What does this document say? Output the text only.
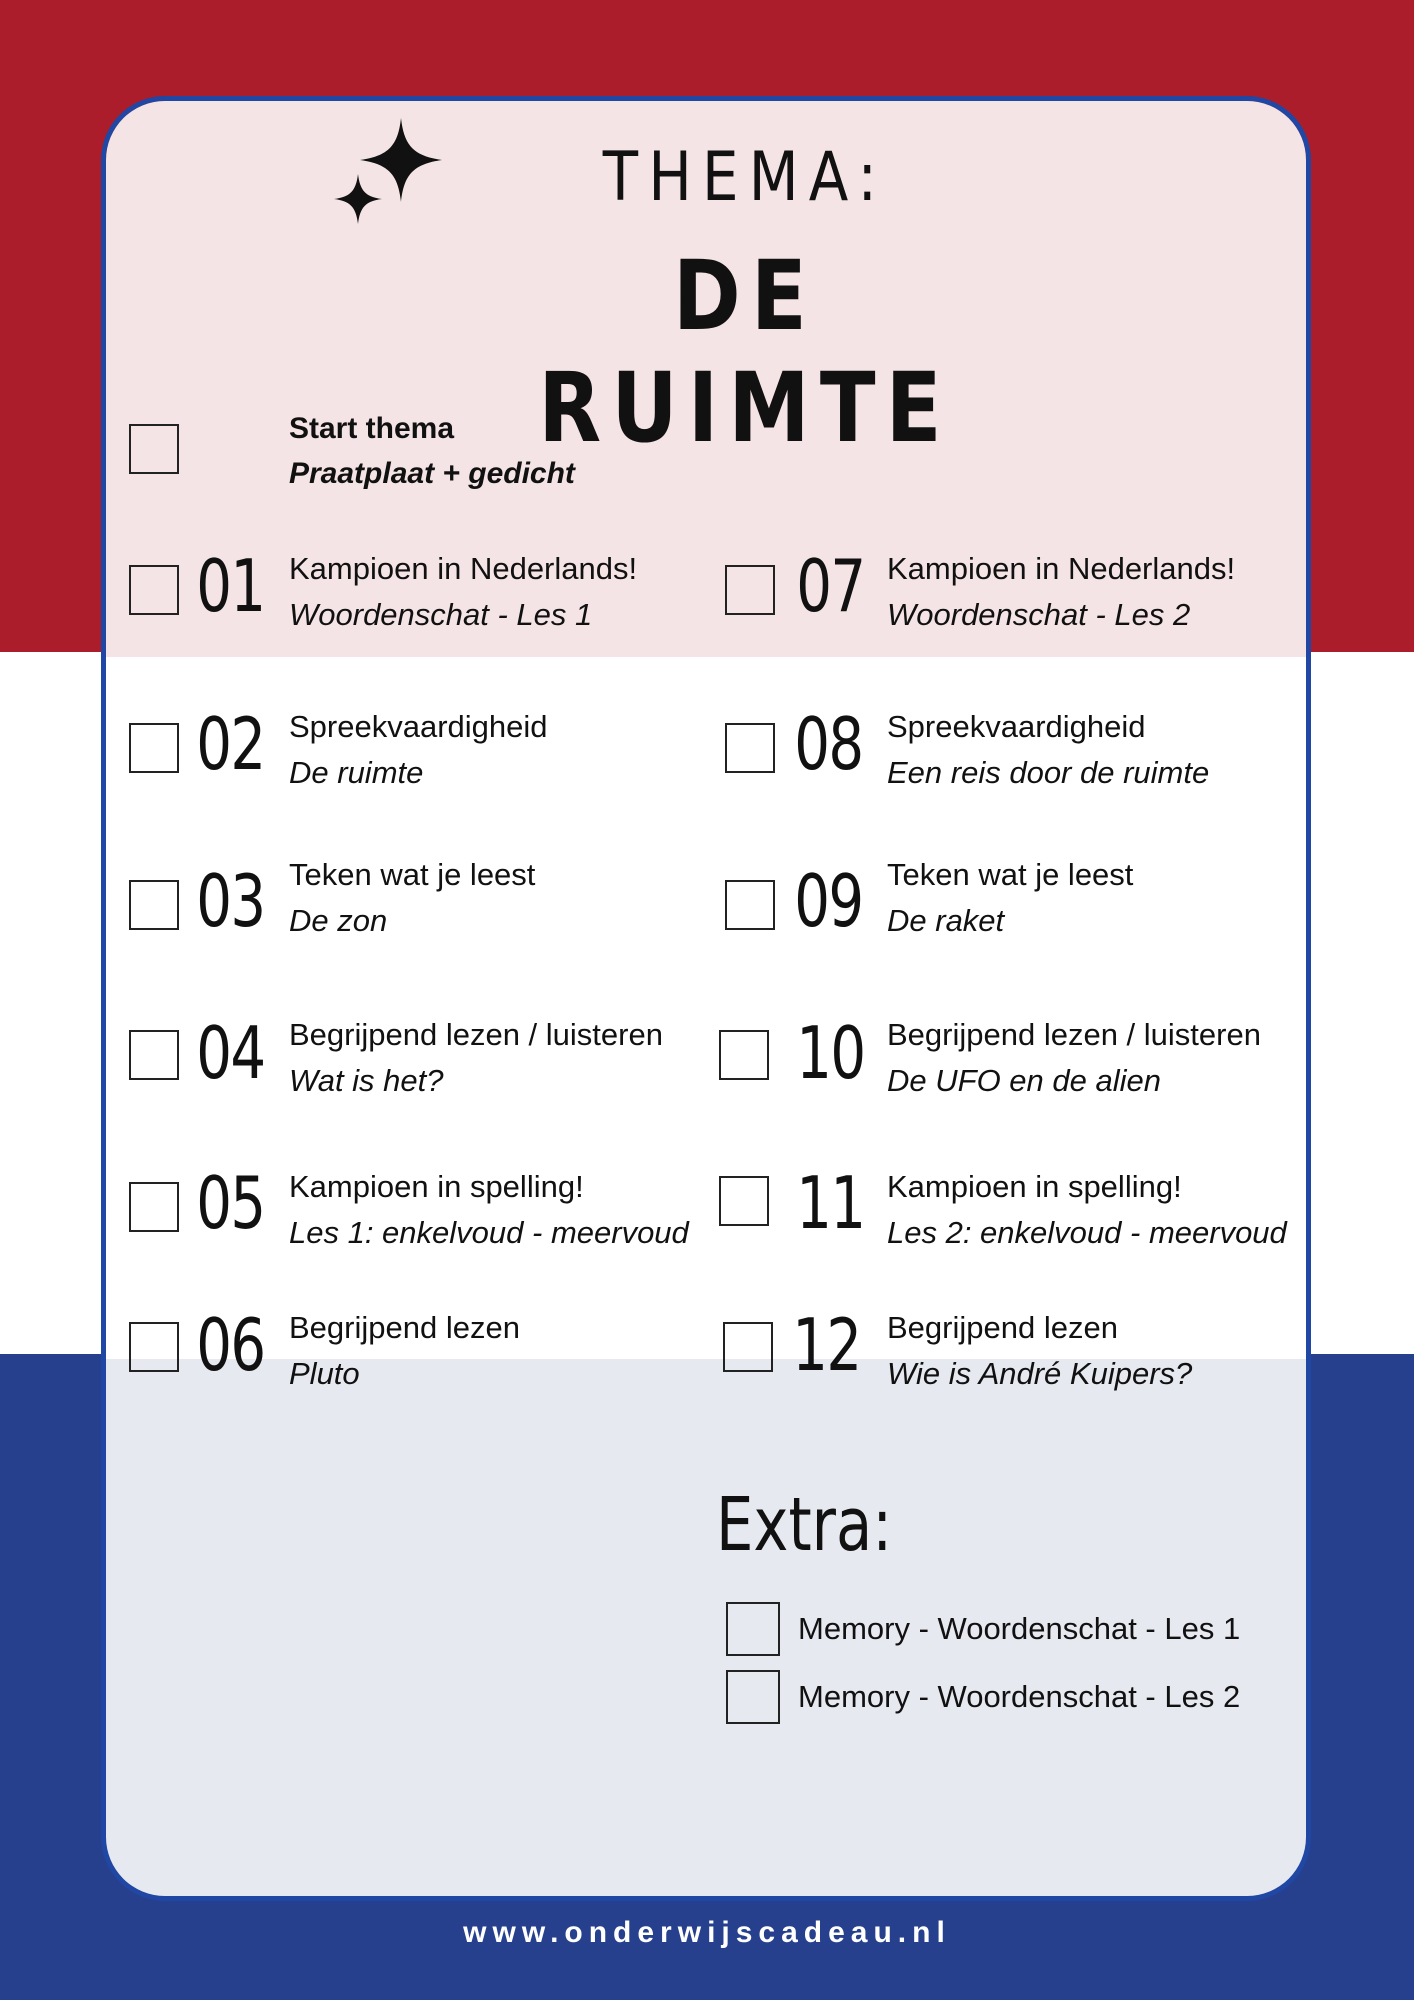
THEMA:
DE RUIMTE
Start thema
Praatplaat + gedicht
01 Kampioen in Nederlands!
Woordenschat - Les 1
02 Spreekvaardigheid
De ruimte
03 Teken wat je leest
De zon
04 Begrijpend lezen / luisteren
Wat is het?
05 Kampioen in spelling!
Les 1: enkelvoud - meervoud
06 Begrijpend lezen
Pluto
07 Kampioen in Nederlands!
Woordenschat - Les 2
08 Spreekvaardigheid
Een reis door de ruimte
09 Teken wat je leest
De raket
10 Begrijpend lezen / luisteren
De UFO en de alien
11 Kampioen in spelling!
Les 2: enkelvoud - meervoud
12 Begrijpend lezen
Wie is André Kuipers?
Extra:
Memory - Woordenschat - Les 1
Memory - Woordenschat - Les 2
www.onderwijscadeau.nl
